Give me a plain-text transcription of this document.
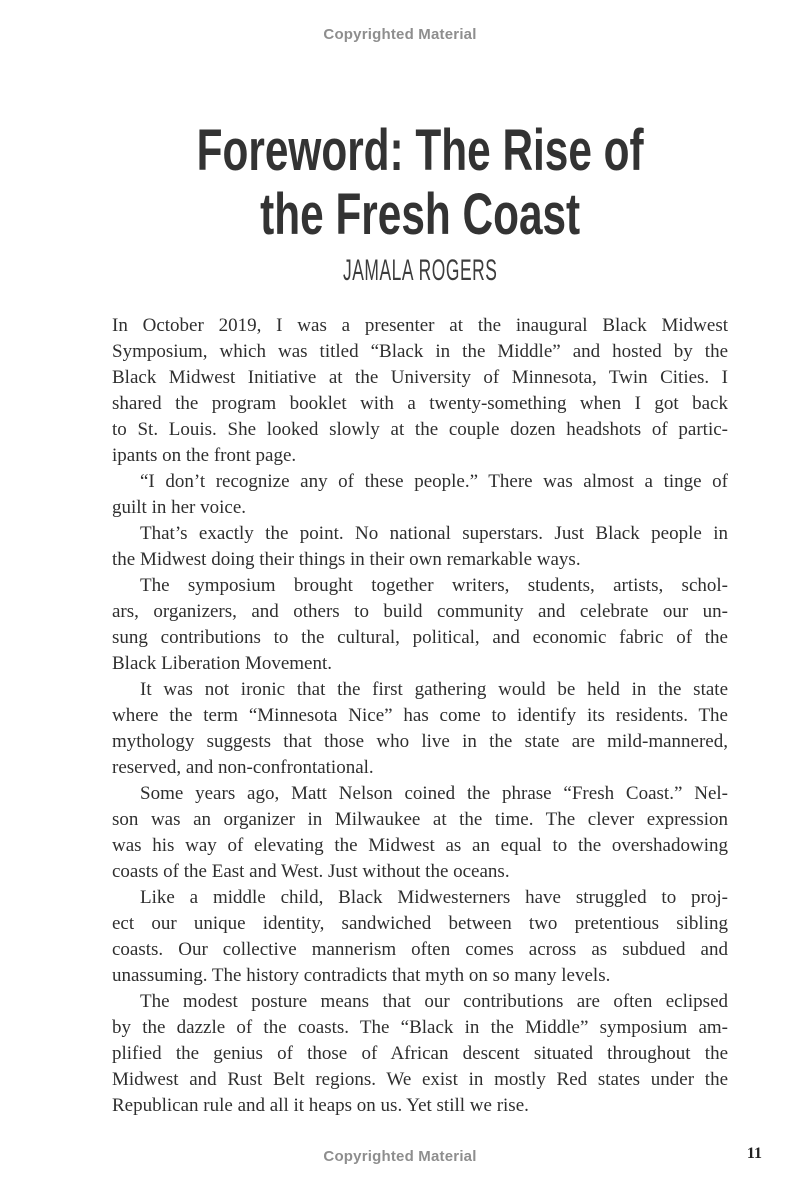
Copyrighted Material
Foreword: The Rise of
the Fresh Coast
JAMALA ROGERS
In October 2019, I was a presenter at the inaugural Black Midwest
Symposium, which was titled “Black in the Middle” and hosted by the
Black Midwest Initiative at the University of Minnesota, Twin Cities. I
shared the program booklet with a twenty-something when I got back
to St. Louis. She looked slowly at the couple dozen headshots of partic-
ipants on the front page.
“I don’t recognize any of these people.” There was almost a tinge of
guilt in her voice.
That’s exactly the point. No national superstars. Just Black people in
the Midwest doing their things in their own remarkable ways.
The symposium brought together writers, students, artists, schol-
ars, organizers, and others to build community and celebrate our un-
sung contributions to the cultural, political, and economic fabric of the
Black Liberation Movement.
It was not ironic that the first gathering would be held in the state
where the term “Minnesota Nice” has come to identify its residents. The
mythology suggests that those who live in the state are mild-mannered,
reserved, and non-confrontational.
Some years ago, Matt Nelson coined the phrase “Fresh Coast.” Nel-
son was an organizer in Milwaukee at the time. The clever expression
was his way of elevating the Midwest as an equal to the overshadowing
coasts of the East and West. Just without the oceans.
Like a middle child, Black Midwesterners have struggled to proj-
ect our unique identity, sandwiched between two pretentious sibling
coasts. Our collective mannerism often comes across as subdued and
unassuming. The history contradicts that myth on so many levels.
The modest posture means that our contributions are often eclipsed
by the dazzle of the coasts. The “Black in the Middle” symposium am-
plified the genius of those of African descent situated throughout the
Midwest and Rust Belt regions. We exist in mostly Red states under the
Republican rule and all it heaps on us. Yet still we rise.
Copyrighted Material	11
